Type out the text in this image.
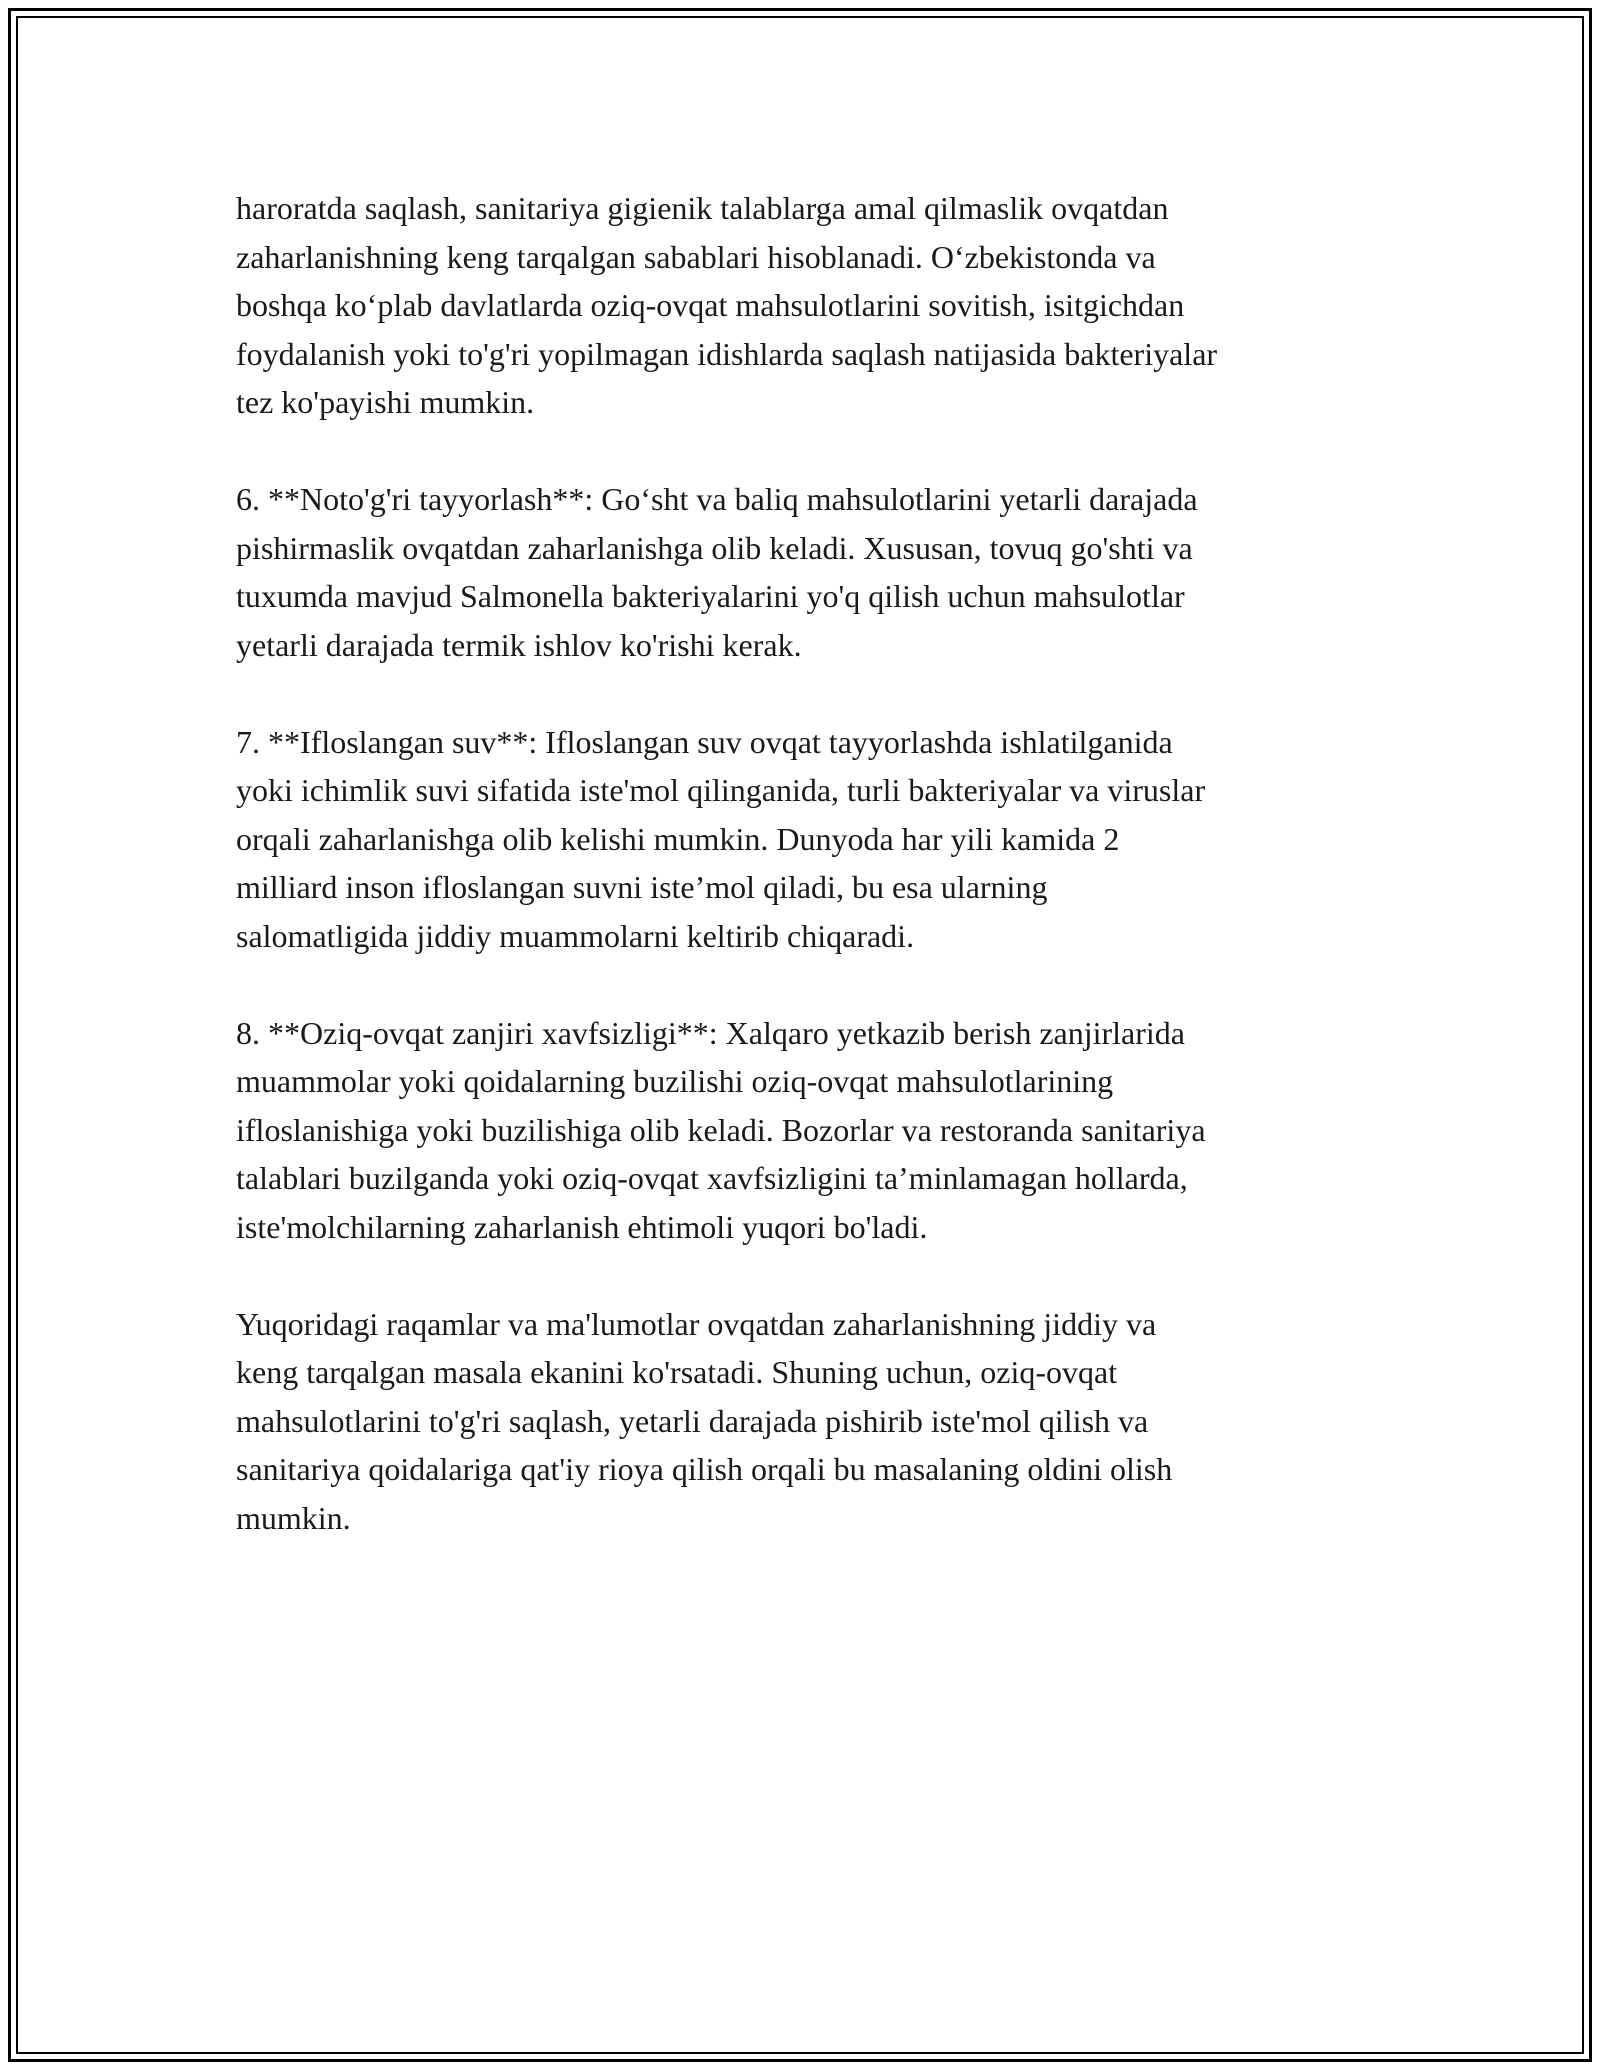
haroratda saqlash, sanitariya gigienik talablarga amal qilmaslik ovqatdan
zaharlanishning keng tarqalgan sabablari hisoblanadi. O‘zbekistonda va
boshqa ko‘plab davlatlarda oziq-ovqat mahsulotlarini sovitish, isitgichdan
foydalanish yoki to'g'ri yopilmagan idishlarda saqlash natijasida bakteriyalar
tez ko'payishi mumkin.

6. **Noto'g'ri tayyorlash**: Go‘sht va baliq mahsulotlarini yetarli darajada
pishirmaslik ovqatdan zaharlanishga olib keladi. Xususan, tovuq go'shti va
tuxumda mavjud Salmonella bakteriyalarini yo'q qilish uchun mahsulotlar
yetarli darajada termik ishlov ko'rishi kerak.

7. **Ifloslangan suv**: Ifloslangan suv ovqat tayyorlashda ishlatilganida
yoki ichimlik suvi sifatida iste'mol qilinganida, turli bakteriyalar va viruslar
orqali zaharlanishga olib kelishi mumkin. Dunyoda har yili kamida 2
milliard inson ifloslangan suvni iste’mol qiladi, bu esa ularning
salomatligida jiddiy muammolarni keltirib chiqaradi.

8. **Oziq-ovqat zanjiri xavfsizligi**: Xalqaro yetkazib berish zanjirlarida
muammolar yoki qoidalarning buzilishi oziq-ovqat mahsulotlarining
ifloslanishiga yoki buzilishiga olib keladi. Bozorlar va restoranda sanitariya
talablari buzilganda yoki oziq-ovqat xavfsizligini ta’minlamagan hollarda,
iste'molchilarning zaharlanish ehtimoli yuqori bo'ladi.

Yuqoridagi raqamlar va ma'lumotlar ovqatdan zaharlanishning jiddiy va
keng tarqalgan masala ekanini ko'rsatadi. Shuning uchun, oziq-ovqat
mahsulotlarini to'g'ri saqlash, yetarli darajada pishirib iste'mol qilish va
sanitariya qoidalariga qat'iy rioya qilish orqali bu masalaning oldini olish
mumkin.
